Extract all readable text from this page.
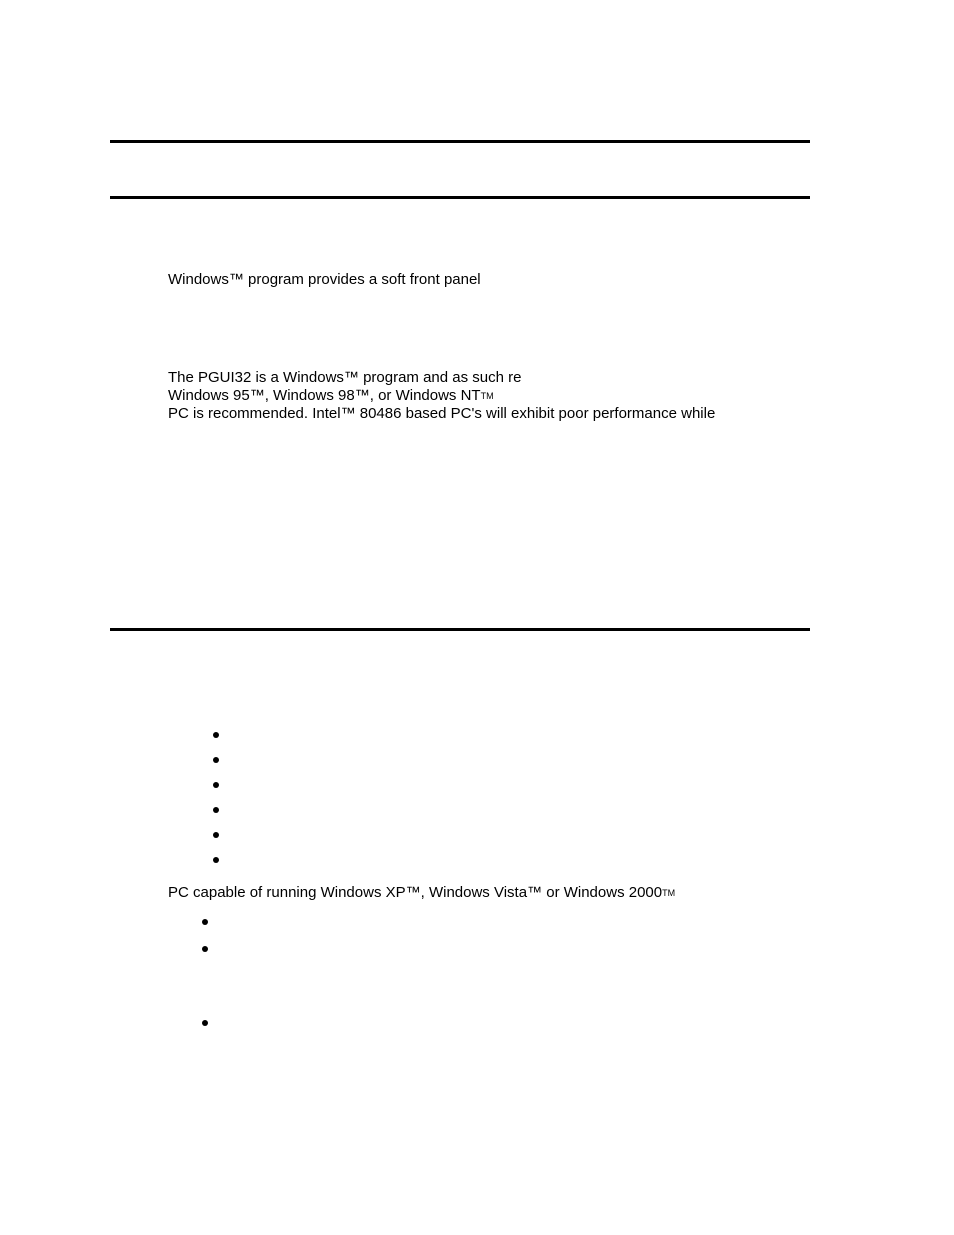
Windows™ program provides a soft front panel
The PGUI32 is a Windows™ program and as such re
Windows 95™, Windows 98™, or Windows NTTM
PC is recommended. Intel™ 80486 based PC's will exhibit poor performance while
PC capable of running Windows XP™, Windows Vista™ or Windows 2000TM
